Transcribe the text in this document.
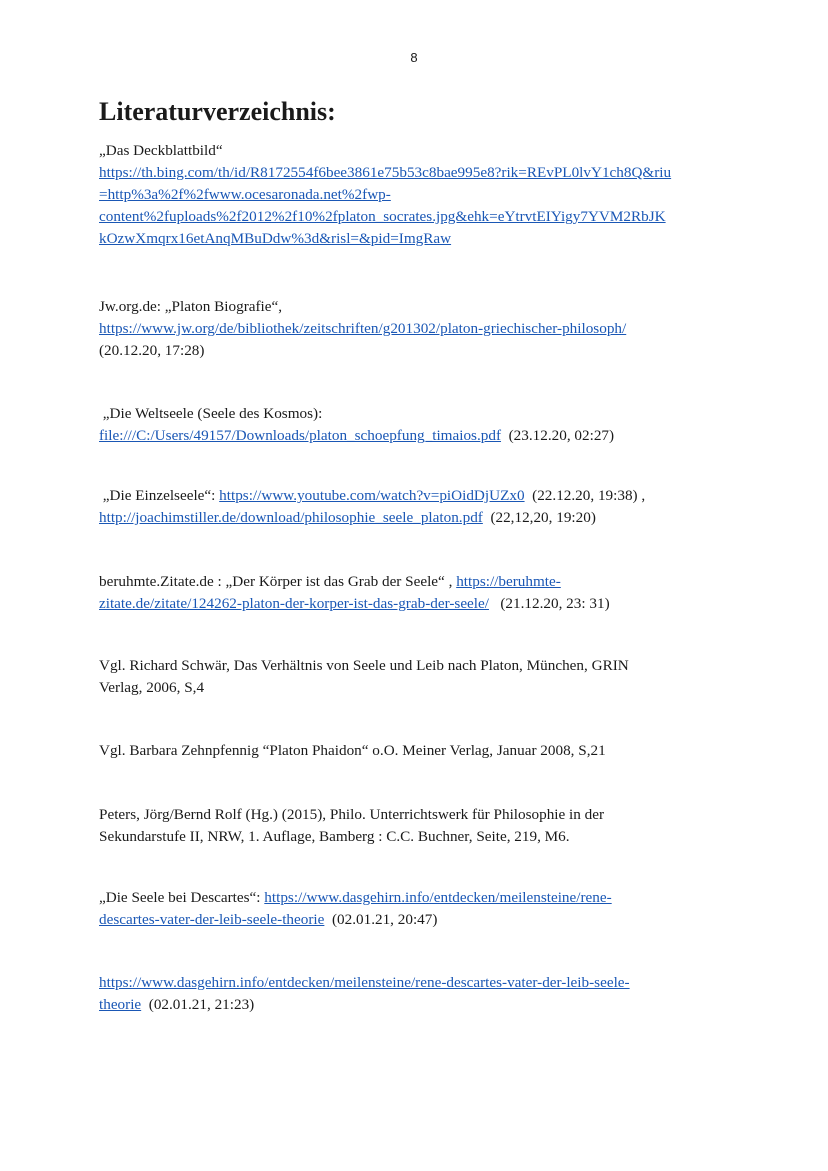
8
Literaturverzeichnis:
„Das Deckblattbild“
https://th.bing.com/th/id/R8172554f6bee3861e75b53c8bae995e8?rik=REvPL0lvY1ch8Q&riu
=http%3a%2f%2fwww.ocesaronada.net%2fwp-
content%2fuploads%2f2012%2f10%2fplaton_socrates.jpg&ehk=eYtrvtEIYigy7YVM2RbJK
kOzwXmqrx16etAnqMBuDdw%3d&risl=&pid=ImgRaw
Jw.org.de: „Platon Biografie“,
https://www.jw.org/de/bibliothek/zeitschriften/g201302/platon-griechischer-philosoph/
(20.12.20, 17:28)
„Die Weltseele (Seele des Kosmos):
file:///C:/Users/49157/Downloads/platon_schoepfung_timaios.pdf  (23.12.20, 02:27)
„Die Einzelseele“: https://www.youtube.com/watch?v=piOidDjUZx0  (22.12.20, 19:38) ,
http://joachimstiller.de/download/philosophie_seele_platon.pdf  (22,12,20, 19:20)
beruhmte.Zitate.de : „Der Körper ist das Grab der Seele“ , https://beruhmte-
zitate.de/zitate/124262-platon-der-korper-ist-das-grab-der-seele/   (21.12.20, 23: 31)
Vgl. Richard Schwär, Das Verhältnis von Seele und Leib nach Platon, München, GRIN
Verlag, 2006, S,4
Vgl. Barbara Zehnpfennig “Platon Phaidon“ o.O. Meiner Verlag, Januar 2008, S,21
Peters, Jörg/Bernd Rolf (Hg.) (2015), Philo. Unterrichtswerk für Philosophie in der
Sekundarstufe II, NRW, 1. Auflage, Bamberg : C.C. Buchner, Seite, 219, M6.
„Die Seele bei Descartes“: https://www.dasgehirn.info/entdecken/meilensteine/rene-
descartes-vater-der-leib-seele-theorie  (02.01.21, 20:47)
https://www.dasgehirn.info/entdecken/meilensteine/rene-descartes-vater-der-leib-seele-
theorie  (02.01.21, 21:23)
